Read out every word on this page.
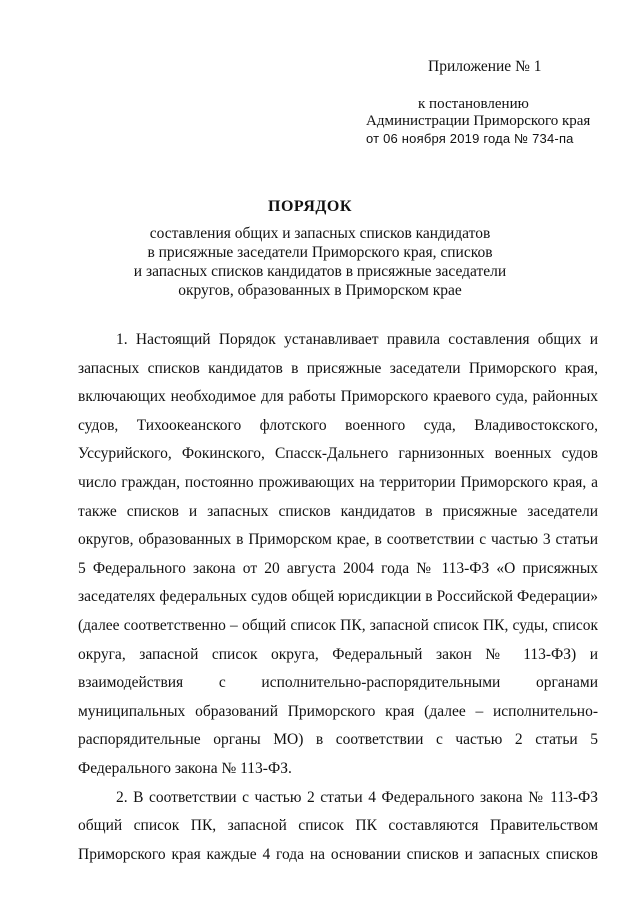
Приложение № 1
к постановлению
Администрации Приморского края
от 06 ноября 2019 года № 734-па
ПОРЯДОК
составления общих и запасных списков кандидатов
в присяжные заседатели Приморского края, списков
и запасных списков кандидатов в присяжные заседатели
округов, образованных в Приморском крае

1. Настоящий Порядок устанавливает правила составления общих и запасных списков кандидатов в присяжные заседатели Приморского края, включающих необходимое для работы Приморского краевого суда, районных судов, Тихоокеанского флотского военного суда, Владивостокского, Уссурийского, Фокинского, Спасск-Дальнего гарнизонных военных судов число граждан, постоянно проживающих на территории Приморского края, а также списков и запасных списков кандидатов в присяжные заседатели округов, образованных в Приморском крае, в соответствии с частью 3 статьи 5 Федерального закона от 20 августа 2004 года № 113-ФЗ «О присяжных заседателях федеральных судов общей юрисдикции в Российской Федерации» (далее соответственно – общий список ПК, запасной список ПК, суды, список округа, запасной список округа, Федеральный закон № 113-ФЗ) и взаимодействия с исполнительно-распорядительными органами муниципальных образований Приморского края (далее – исполнительно-распорядительные органы МО) в соответствии с частью 2 статьи 5 Федерального закона № 113-ФЗ.

2. В соответствии с частью 2 статьи 4 Федерального закона № 113-ФЗ общий список ПК, запасной список ПК составляются Правительством Приморского края каждые 4 года на основании списков и запасных списков
